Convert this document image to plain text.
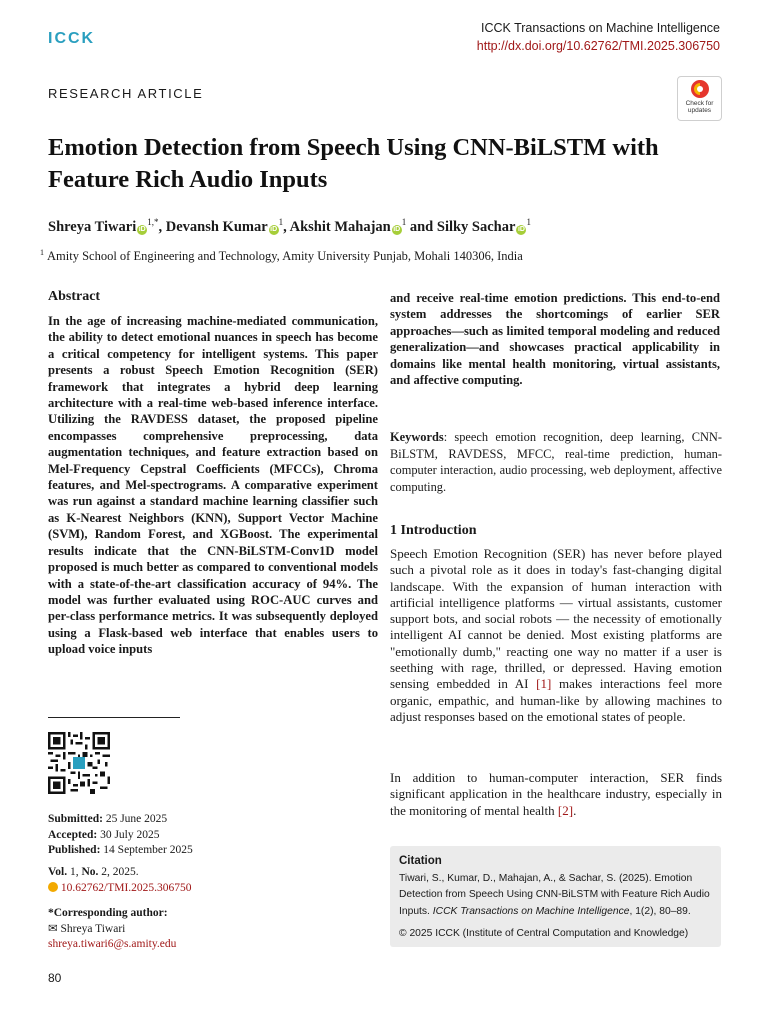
ICCK
ICCK Transactions on Machine Intelligence
http://dx.doi.org/10.62762/TMI.2025.306750
RESEARCH ARTICLE
Check for updates
Emotion Detection from Speech Using CNN-BiLSTM with Feature Rich Audio Inputs
Shreya Tiwari $iD^{1,*}$, Devansh Kumar $iD^1$, Akshit Mahajan $iD^1$ and Silky Sachar $iD^1$
$^1$ Amity School of Engineering and Technology, Amity University Punjab, Mohali 140306, India
Abstract
In the age of increasing machine-mediated communication, the ability to detect emotional nuances in speech has become a critical competency for intelligent systems. This paper presents a robust Speech Emotion Recognition (SER) framework that integrates a hybrid deep learning architecture with a real-time web-based inference interface. Utilizing the RAVDESS dataset, the proposed pipeline encompasses comprehensive preprocessing, data augmentation techniques, and feature extraction based on Mel-Frequency Cepstral Coefficients (MFCCs), Chroma features, and Mel-spectrograms. A comparative experiment was run against a standard machine learning classifier such as K-Nearest Neighbors (KNN), Support Vector Machine (SVM), Random Forest, and XGBoost. The experimental results indicate that the CNN-BiLSTM-Conv1D model proposed is much better as compared to conventional models with a state-of-the-art classification accuracy of 94%. The model was further evaluated using ROC-AUC curves and per-class performance metrics. It was subsequently deployed using a Flask-based web interface that enables users to upload voice inputs
and receive real-time emotion predictions. This end-to-end system addresses the shortcomings of earlier SER approaches—such as limited temporal modeling and reduced generalization—and showcases practical applicability in domains like mental health monitoring, virtual assistants, and affective computing.
Keywords: speech emotion recognition, deep learning, CNN-BiLSTM, RAVDESS, MFCC, real-time prediction, human-computer interaction, audio processing, web deployment, affective computing.
1 Introduction
Speech Emotion Recognition (SER) has never before played such a pivotal role as it does in today's fast-changing digital landscape. With the expansion of human interaction with artificial intelligence platforms — virtual assistants, customer support bots, and social robots — the necessity of emotionally intelligent AI cannot be denied. Most existing platforms are "emotionally dumb," reacting one way no matter if a user is seething with rage, thrilled, or depressed. Having emotion sensing embedded in AI [1] makes interactions feel more organic, empathic, and human-like by allowing machines to adjust responses based on the emotional states of people.
In addition to human-computer interaction, SER finds significant application in the healthcare industry, especially in the monitoring of mental health [2].
Submitted: 25 June 2025
Accepted: 30 July 2025
Published: 14 September 2025
Vol. 1, No. 2, 2025.
10.62762/TMI.2025.306750
*Corresponding author:
✉ Shreya Tiwari
shreya.tiwari6@s.amity.edu
Citation
Tiwari, S., Kumar, D., Mahajan, A., & Sachar, S. (2025). Emotion Detection from Speech Using CNN-BiLSTM with Feature Rich Audio Inputs. ICCK Transactions on Machine Intelligence, 1(2), 80–89.
© 2025 ICCK (Institute of Central Computation and Knowledge)
80
